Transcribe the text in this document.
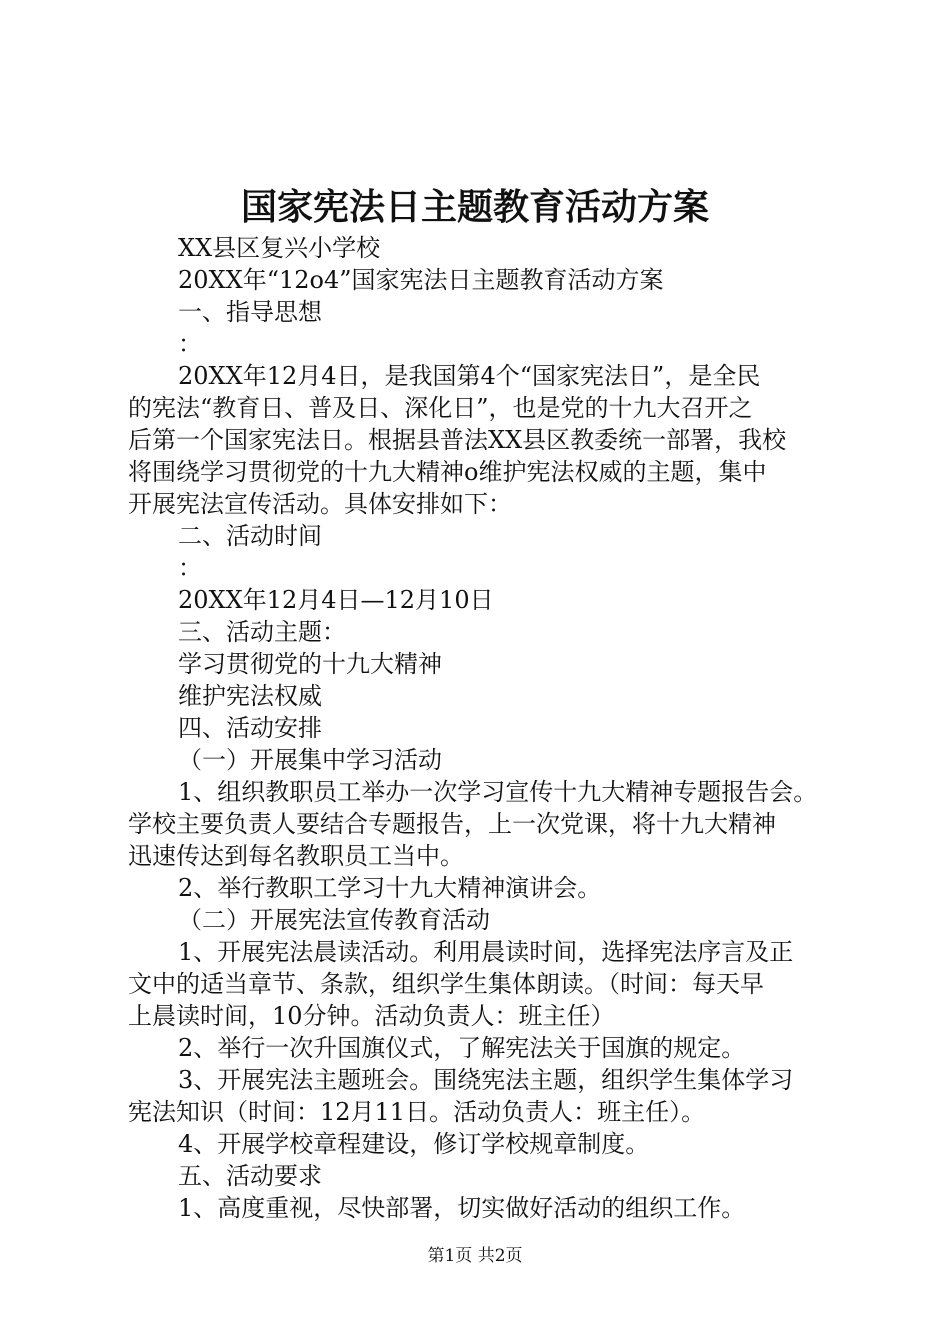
国家宪法日主题教育活动方案
XX县区复兴小学校
20XX年“12o4”国家宪法日主题教育活动方案
一、指导思想
：
20XX年12月4日，是我国第4个“国家宪法日”，是全民
的宪法“教育日、普及日、深化日”，也是党的十九大召开之
后第一个国家宪法日。根据县普法XX县区教委统一部署，我校
将围绕学习贯彻党的十九大精神o维护宪法权威的主题，集中
开展宪法宣传活动。具体安排如下：
二、活动时间
：
20XX年12月4日—12月10日
三、活动主题：
学习贯彻党的十九大精神
维护宪法权威
四、活动安排
（一）开展集中学习活动
1、组织教职员工举办一次学习宣传十九大精神专题报告会。
学校主要负责人要结合专题报告，上一次党课，将十九大精神
迅速传达到每名教职员工当中。
2、举行教职工学习十九大精神演讲会。
（二）开展宪法宣传教育活动
1、开展宪法晨读活动。利用晨读时间，选择宪法序言及正
文中的适当章节、条款，组织学生集体朗读。（时间：每天早
上晨读时间，10分钟。活动负责人：班主任）
2、举行一次升国旗仪式，了解宪法关于国旗的规定。
3、开展宪法主题班会。围绕宪法主题，组织学生集体学习
宪法知识（时间：12月11日。活动负责人：班主任）。
4、开展学校章程建设，修订学校规章制度。
五、活动要求
1、高度重视，尽快部署，切实做好活动的组织工作。
第1页 共2页
